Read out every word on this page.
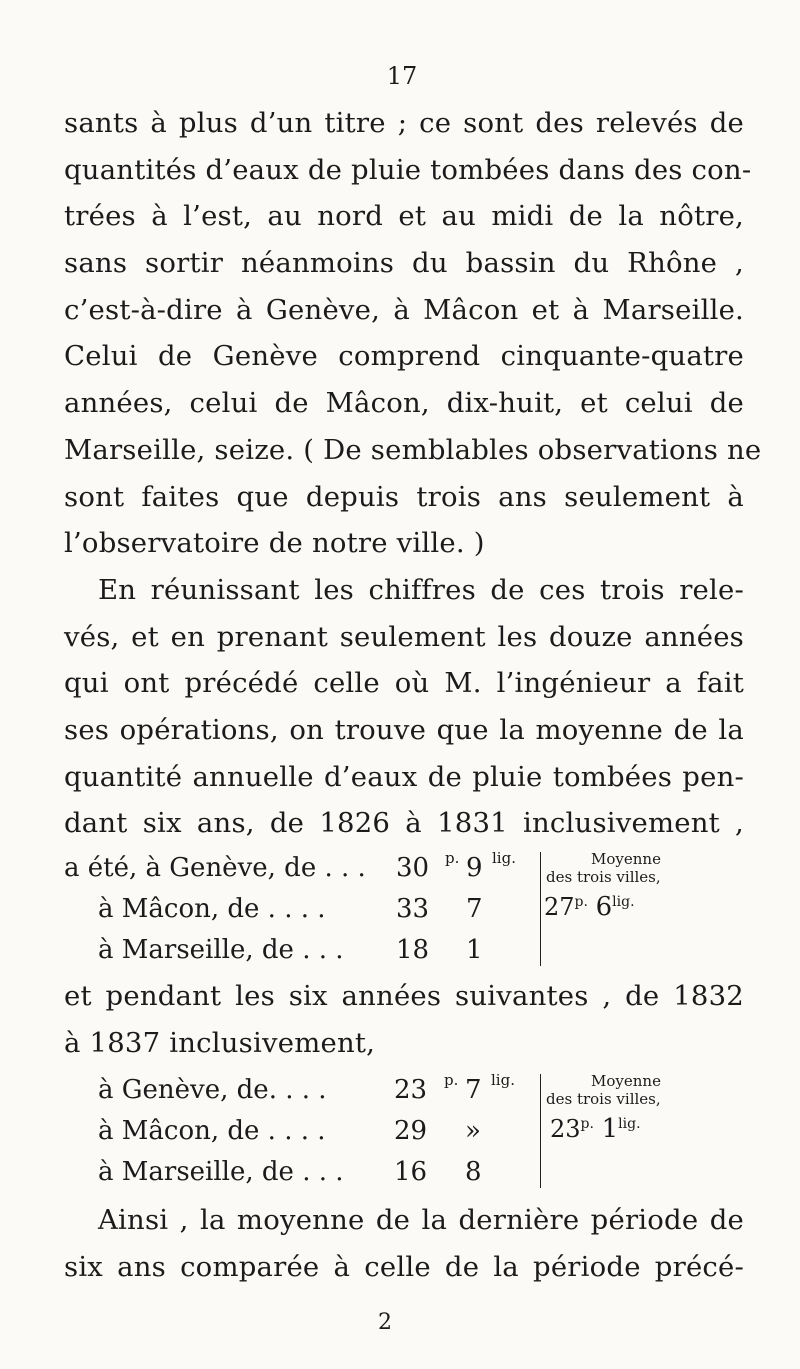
17
sants à plus d’un titre ; ce sont des relevés de
quantités d’eaux de pluie tombées dans des con-
trées à l’est, au nord et au midi de la nôtre,
sans sortir néanmoins du bassin du Rhône ,
c’est-à-dire à Genève, à Mâcon et à Marseille.
Celui de Genève comprend cinquante-quatre
années, celui de Mâcon, dix-huit, et celui de
Marseille, seize. ( De semblables observations ne
sont faites que depuis trois ans seulement à
l’observatoire de notre ville. )
En réunissant les chiffres de ces trois rele-
vés, et en prenant seulement les douze années
qui ont précédé celle où M. l’ingénieur a fait
ses opérations, on trouve que la moyenne de la
quantité annuelle d’eaux de pluie tombées pen-
dant six ans, de 1826 à 1831 inclusivement ,
a été, à Genève, de . . .
à Mâcon, de . . . .
à Marseille, de . . .
30 p. 9 lig.
33 7
18 1
Moyenne
des trois villes,
$27^{p.}$ $6^{lig.}$
et pendant les six années suivantes , de 1832
à 1837 inclusivement,
à Genève, de. . . .
à Mâcon, de . . . .
à Marseille, de . . .
23 p. 7 lig.
29 »
16 8
Moyenne
des trois villes,
$23^{p.}$ $1^{lig.}$
Ainsi , la moyenne de la dernière période de
six ans comparée à celle de la période précé-
2
